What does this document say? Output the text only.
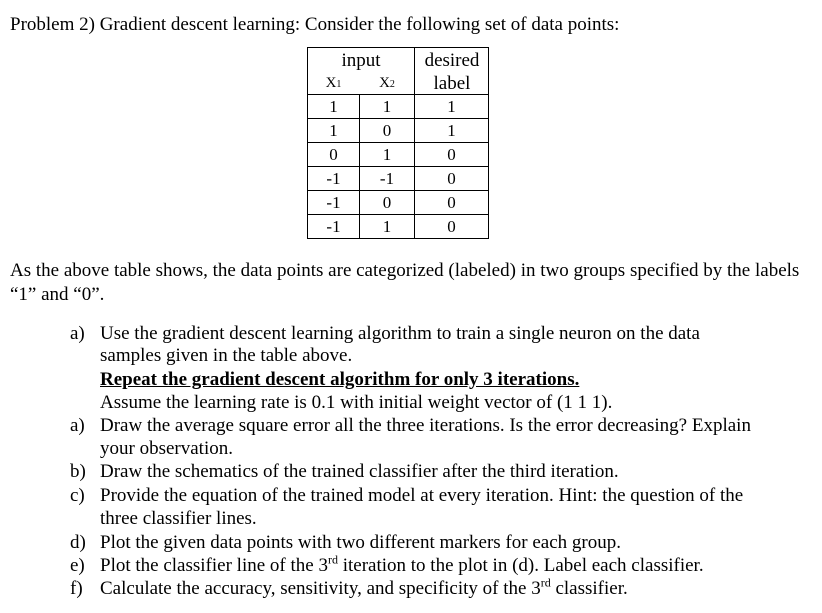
Problem 2) Gradient descent learning: Consider the following set of data points:
input	desired
label
X1	X2
1	1	1
1	0	1
0	1	0
-1	-1	0
-1	0	0
-1	1	0
As the above table shows, the data points are categorized (labeled) in two groups specified by the labels “1” and “0”.
a) Use the gradient descent learning algorithm to train a single neuron on the data
samples given in the table above.
Repeat the gradient descent algorithm for only 3 iterations.
Assume the learning rate is 0.1 with initial weight vector of (1 1 1).
a) Draw the average square error all the three iterations. Is the error decreasing? Explain
your observation.
b) Draw the schematics of the trained classifier after the third iteration.
c) Provide the equation of the trained model at every iteration. Hint: the question of the
three classifier lines.
d) Plot the given data points with two different markers for each group.
e) Plot the classifier line of the 3rd iteration to the plot in (d). Label each classifier.
f) Calculate the accuracy, sensitivity, and specificity of the 3rd classifier.
